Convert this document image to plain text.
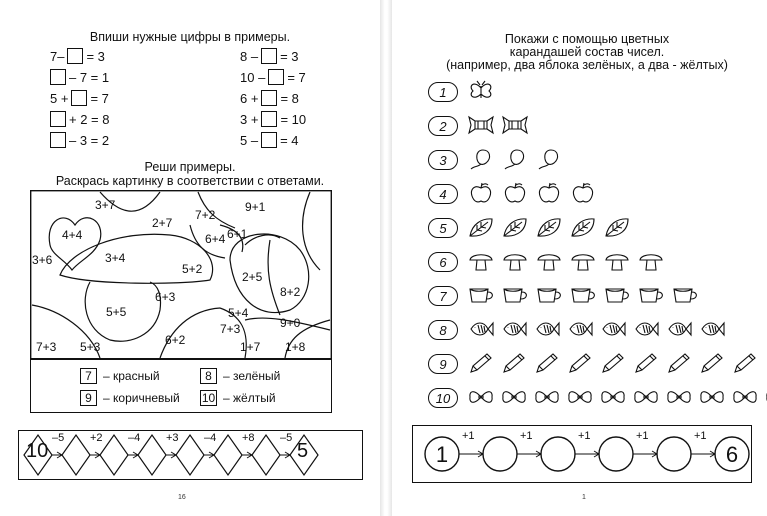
Впиши нужные цифры в примеры.
7– = 3
– 7 = 1
5 + = 7
+ 2 = 8
– 3 = 2
8 – = 3
10 – = 7
6 + = 8
3 + = 10
5 – = 4
Реши примеры.
Раскрась картинку в соответствии с ответами.
3+7
2+7
7+2
9+1
4+4	6+4 6+1
3+6	3+4
5+2
2+5
6+3	8+2
5+5	5+4
9+0
7+3
6+2
7+3 5+3	1+7 1+8
7 – красный	8 – зелёный
9 – коричневый 10 – жёлтый
10	5
–5 +2 –4 +3 –4 +8 –5
16
Покажи с помощью цветных
карандашей состав чисел.
(например, два яблока зелёных, а два - жёлтых)
1
2
3
4
5
6
7
8
9
10
1	6
+1	+1	+1	+1	+1
1
